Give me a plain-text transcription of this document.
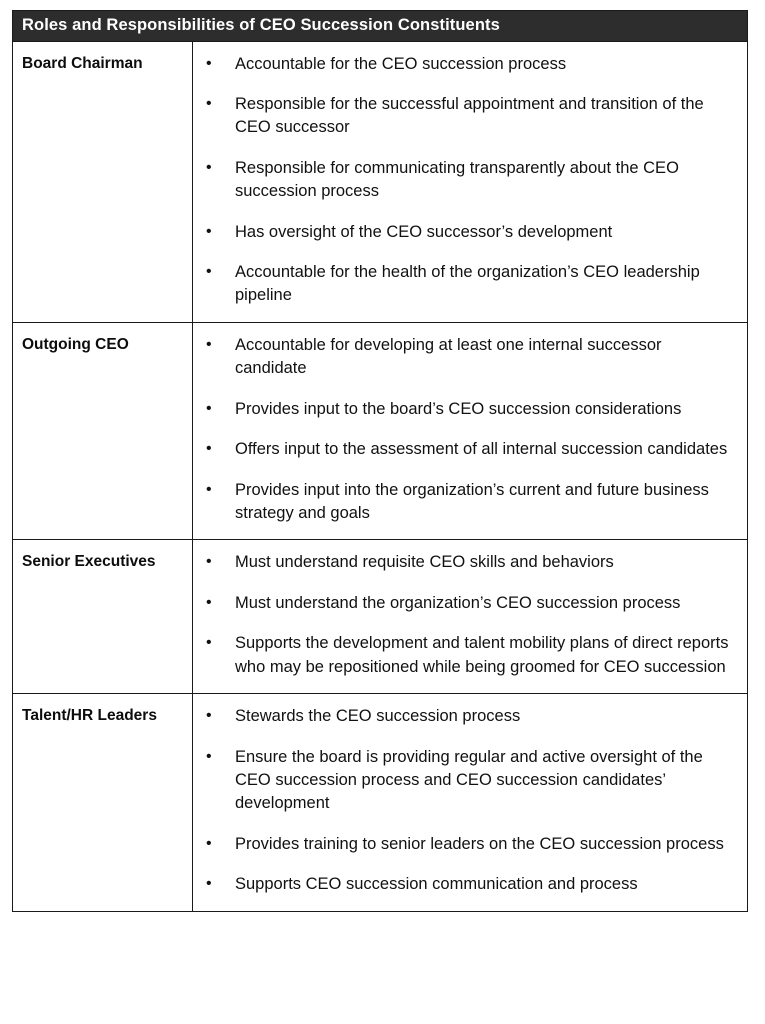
Roles and Responsibilities of CEO Succession Constituents
Board Chairman	• Accountable for the CEO succession process
• Responsible for the successful appointment and transition of the CEO successor
• Responsible for communicating transparently about the CEO succession process
• Has oversight of the CEO successor’s development
• Accountable for the health of the organization’s CEO leadership pipeline
Outgoing CEO	• Accountable for developing at least one internal successor candidate
• Provides input to the board’s CEO succession considerations
• Offers input to the assessment of all internal succession candidates
• Provides input into the organization’s current and future business strategy and goals
Senior Executives	• Must understand requisite CEO skills and behaviors
• Must understand the organization’s CEO succession process
• Supports the development and talent mobility plans of direct reports who may be repositioned while being groomed for CEO succession
Talent/HR Leaders	• Stewards the CEO succession process
• Ensure the board is providing regular and active oversight of the CEO succession process and CEO succession candidates’ development
• Provides training to senior leaders on the CEO succession process
• Supports CEO succession communication and process
